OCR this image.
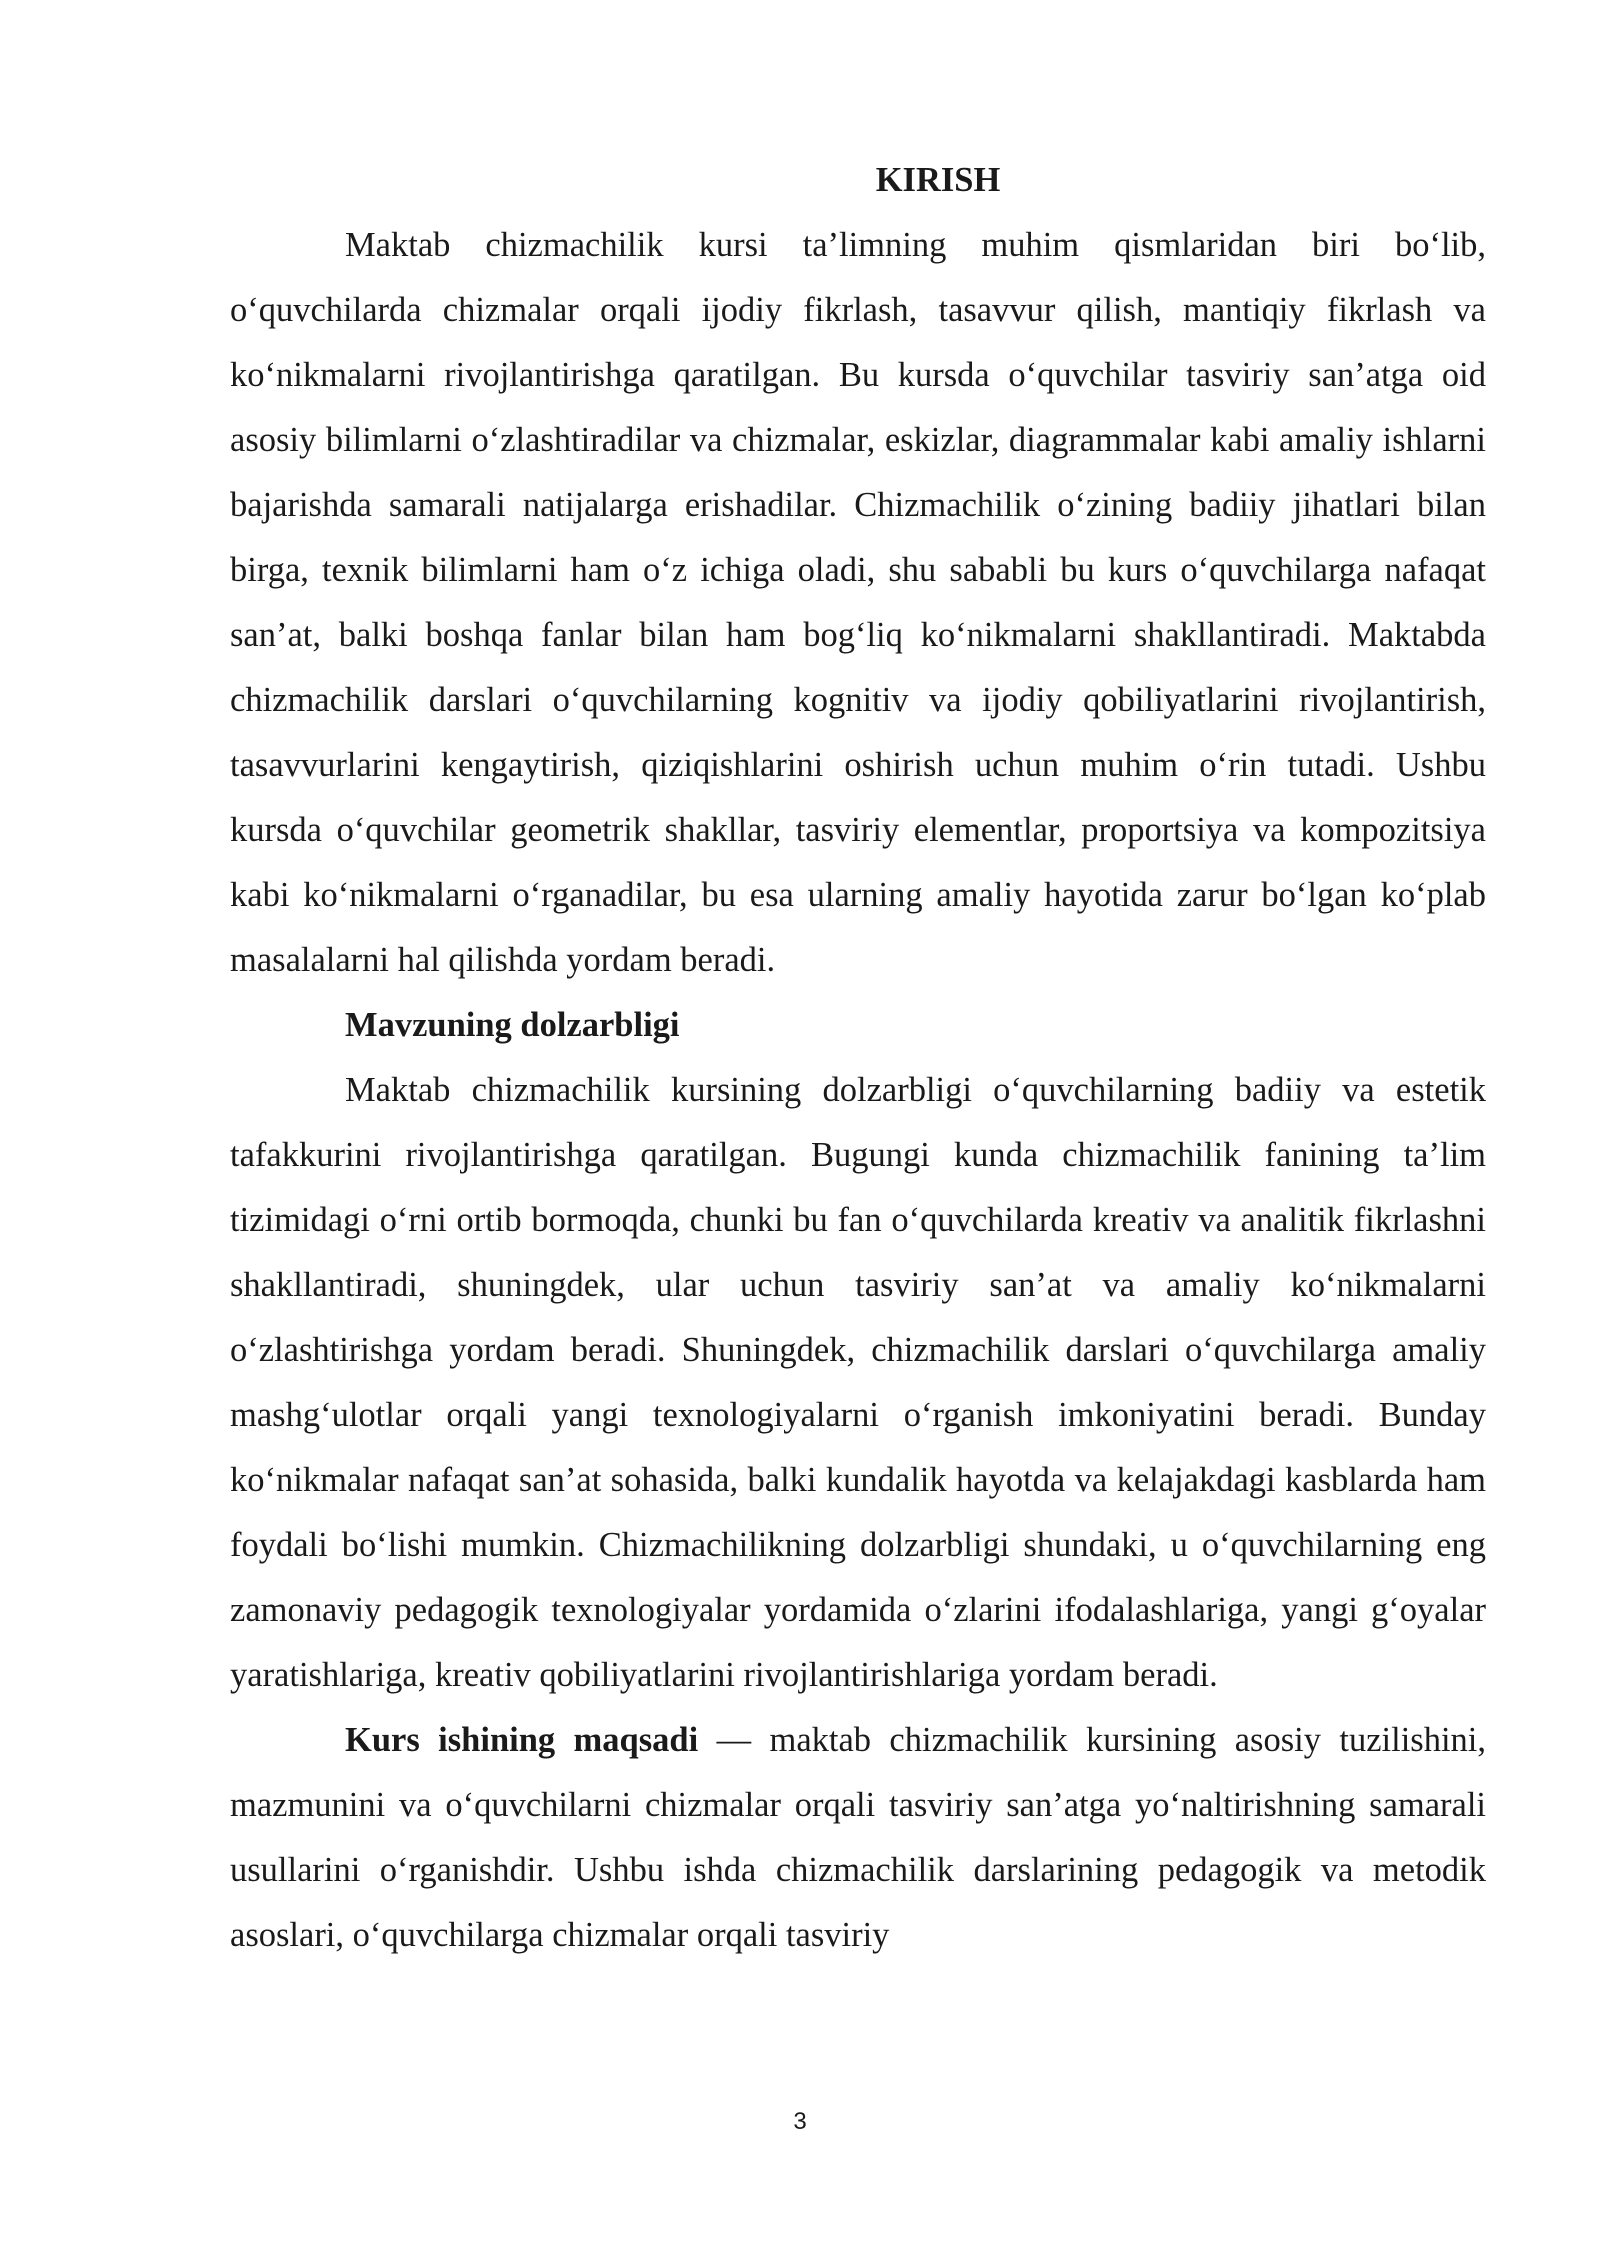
KIRISH

Maktab chizmachilik kursi ta’limning muhim qismlaridan biri bo‘lib, o‘quvchilarda chizmalar orqali ijodiy fikrlash, tasavvur qilish, mantiqiy fikrlash va ko‘nikmalarni rivojlantirishga qaratilgan. Bu kursda o‘quvchilar tasviriy san’atga oid asosiy bilimlarni o‘zlashtiradilar va chizmalar, eskizlar, diagrammalar kabi amaliy ishlarni bajarishda samarali natijalarga erishadilar. Chizmachilik o‘zining badiiy jihatlari bilan birga, texnik bilimlarni ham o‘z ichiga oladi, shu sababli bu kurs o‘quvchilarga nafaqat san’at, balki boshqa fanlar bilan ham bog‘liq ko‘nikmalarni shakllantiradi. Maktabda chizmachilik darslari o‘quvchilarning kognitiv va ijodiy qobiliyatlarini rivojlantirish, tasavvurlarini kengaytirish, qiziqishlarini oshirish uchun muhim o‘rin tutadi. Ushbu kursda o‘quvchilar geometrik shakllar, tasviriy elementlar, proportsiya va kompozitsiya kabi ko‘nikmalarni o‘rganadilar, bu esa ularning amaliy hayotida zarur bo‘lgan ko‘plab masalalarni hal qilishda yordam beradi.

Mavzuning dolzarbligi

Maktab chizmachilik kursining dolzarbligi o‘quvchilarning badiiy va estetik tafakkurini rivojlantirishga qaratilgan. Bugungi kunda chizmachilik fanining ta’lim tizimidagi o‘rni ortib bormoqda, chunki bu fan o‘quvchilarda kreativ va analitik fikrlashni shakllantiradi, shuningdek, ular uchun tasviriy san’at va amaliy ko‘nikmalarni o‘zlashtirishga yordam beradi. Shuningdek, chizmachilik darslari o‘quvchilarga amaliy mashg‘ulotlar orqali yangi texnologiyalarni o‘rganish imkoniyatini beradi. Bunday ko‘nikmalar nafaqat san’at sohasida, balki kundalik hayotda va kelajakdagi kasblarda ham foydali bo‘lishi mumkin. Chizmachilikning dolzarbligi shundaki, u o‘quvchilarning eng zamonaviy pedagogik texnologiyalar yordamida o‘zlarini ifodalashlariga, yangi g‘oyalar yaratishlariga, kreativ qobiliyatlarini rivojlantirishlariga yordam beradi.

Kurs ishining maqsadi — maktab chizmachilik kursining asosiy tuzilishini, mazmunini va o‘quvchilarni chizmalar orqali tasviriy san’atga yo‘naltirishning samarali usullarini o‘rganishdir. Ushbu ishda chizmachilik darslarining pedagogik va metodik asoslari, o‘quvchilarga chizmalar orqali tasviriy

3
